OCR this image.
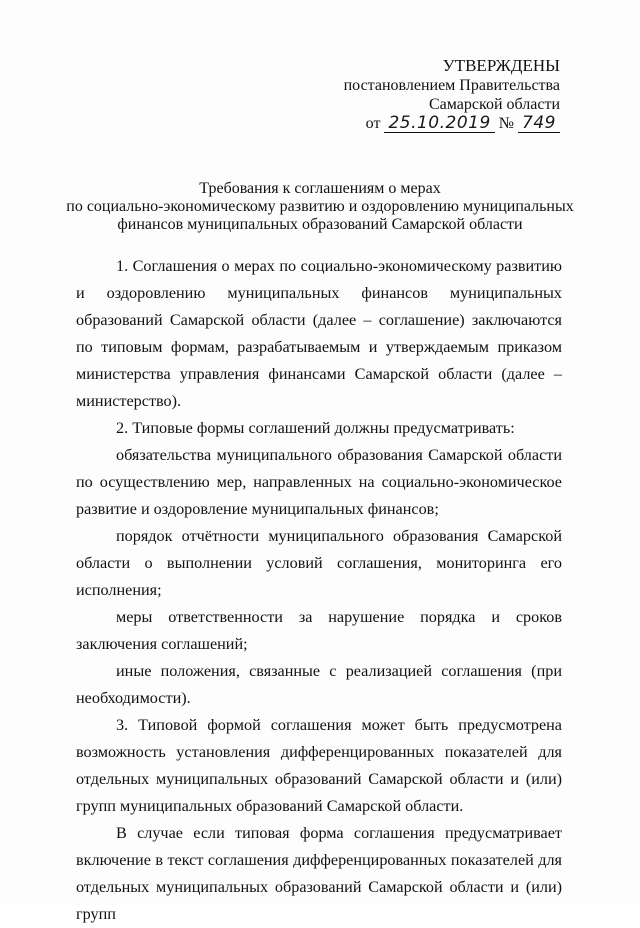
УТВЕРЖДЕНЫ
постановлением Правительства
Самарской области
от 25.10.2019 № 749
Требования к соглашениям о мерах
по социально-экономическому развитию и оздоровлению муниципальных
финансов муниципальных образований Самарской области

1. Соглашения о мерах по социально-экономическому развитию и оздоровлению муниципальных финансов муниципальных образований Самарской области (далее – соглашение) заключаются по типовым формам, разрабатываемым и утверждаемым приказом министерства управления финансами Самарской области (далее – министерство).

2. Типовые формы соглашений должны предусматривать:

обязательства муниципального образования Самарской области по осуществлению мер, направленных на социально-экономическое развитие и оздоровление муниципальных финансов;

порядок отчётности муниципального образования Самарской области о выполнении условий соглашения, мониторинга его исполнения;

меры ответственности за нарушение порядка и сроков заключения соглашений;

иные положения, связанные с реализацией соглашения (при необходимости).

3. Типовой формой соглашения может быть предусмотрена возможность установления дифференцированных показателей для отдельных муниципальных образований Самарской области и (или) групп муниципальных образований Самарской области.

В случае если типовая форма соглашения предусматривает включение в текст соглашения дифференцированных показателей для отдельных муниципальных образований Самарской области и (или) групп
